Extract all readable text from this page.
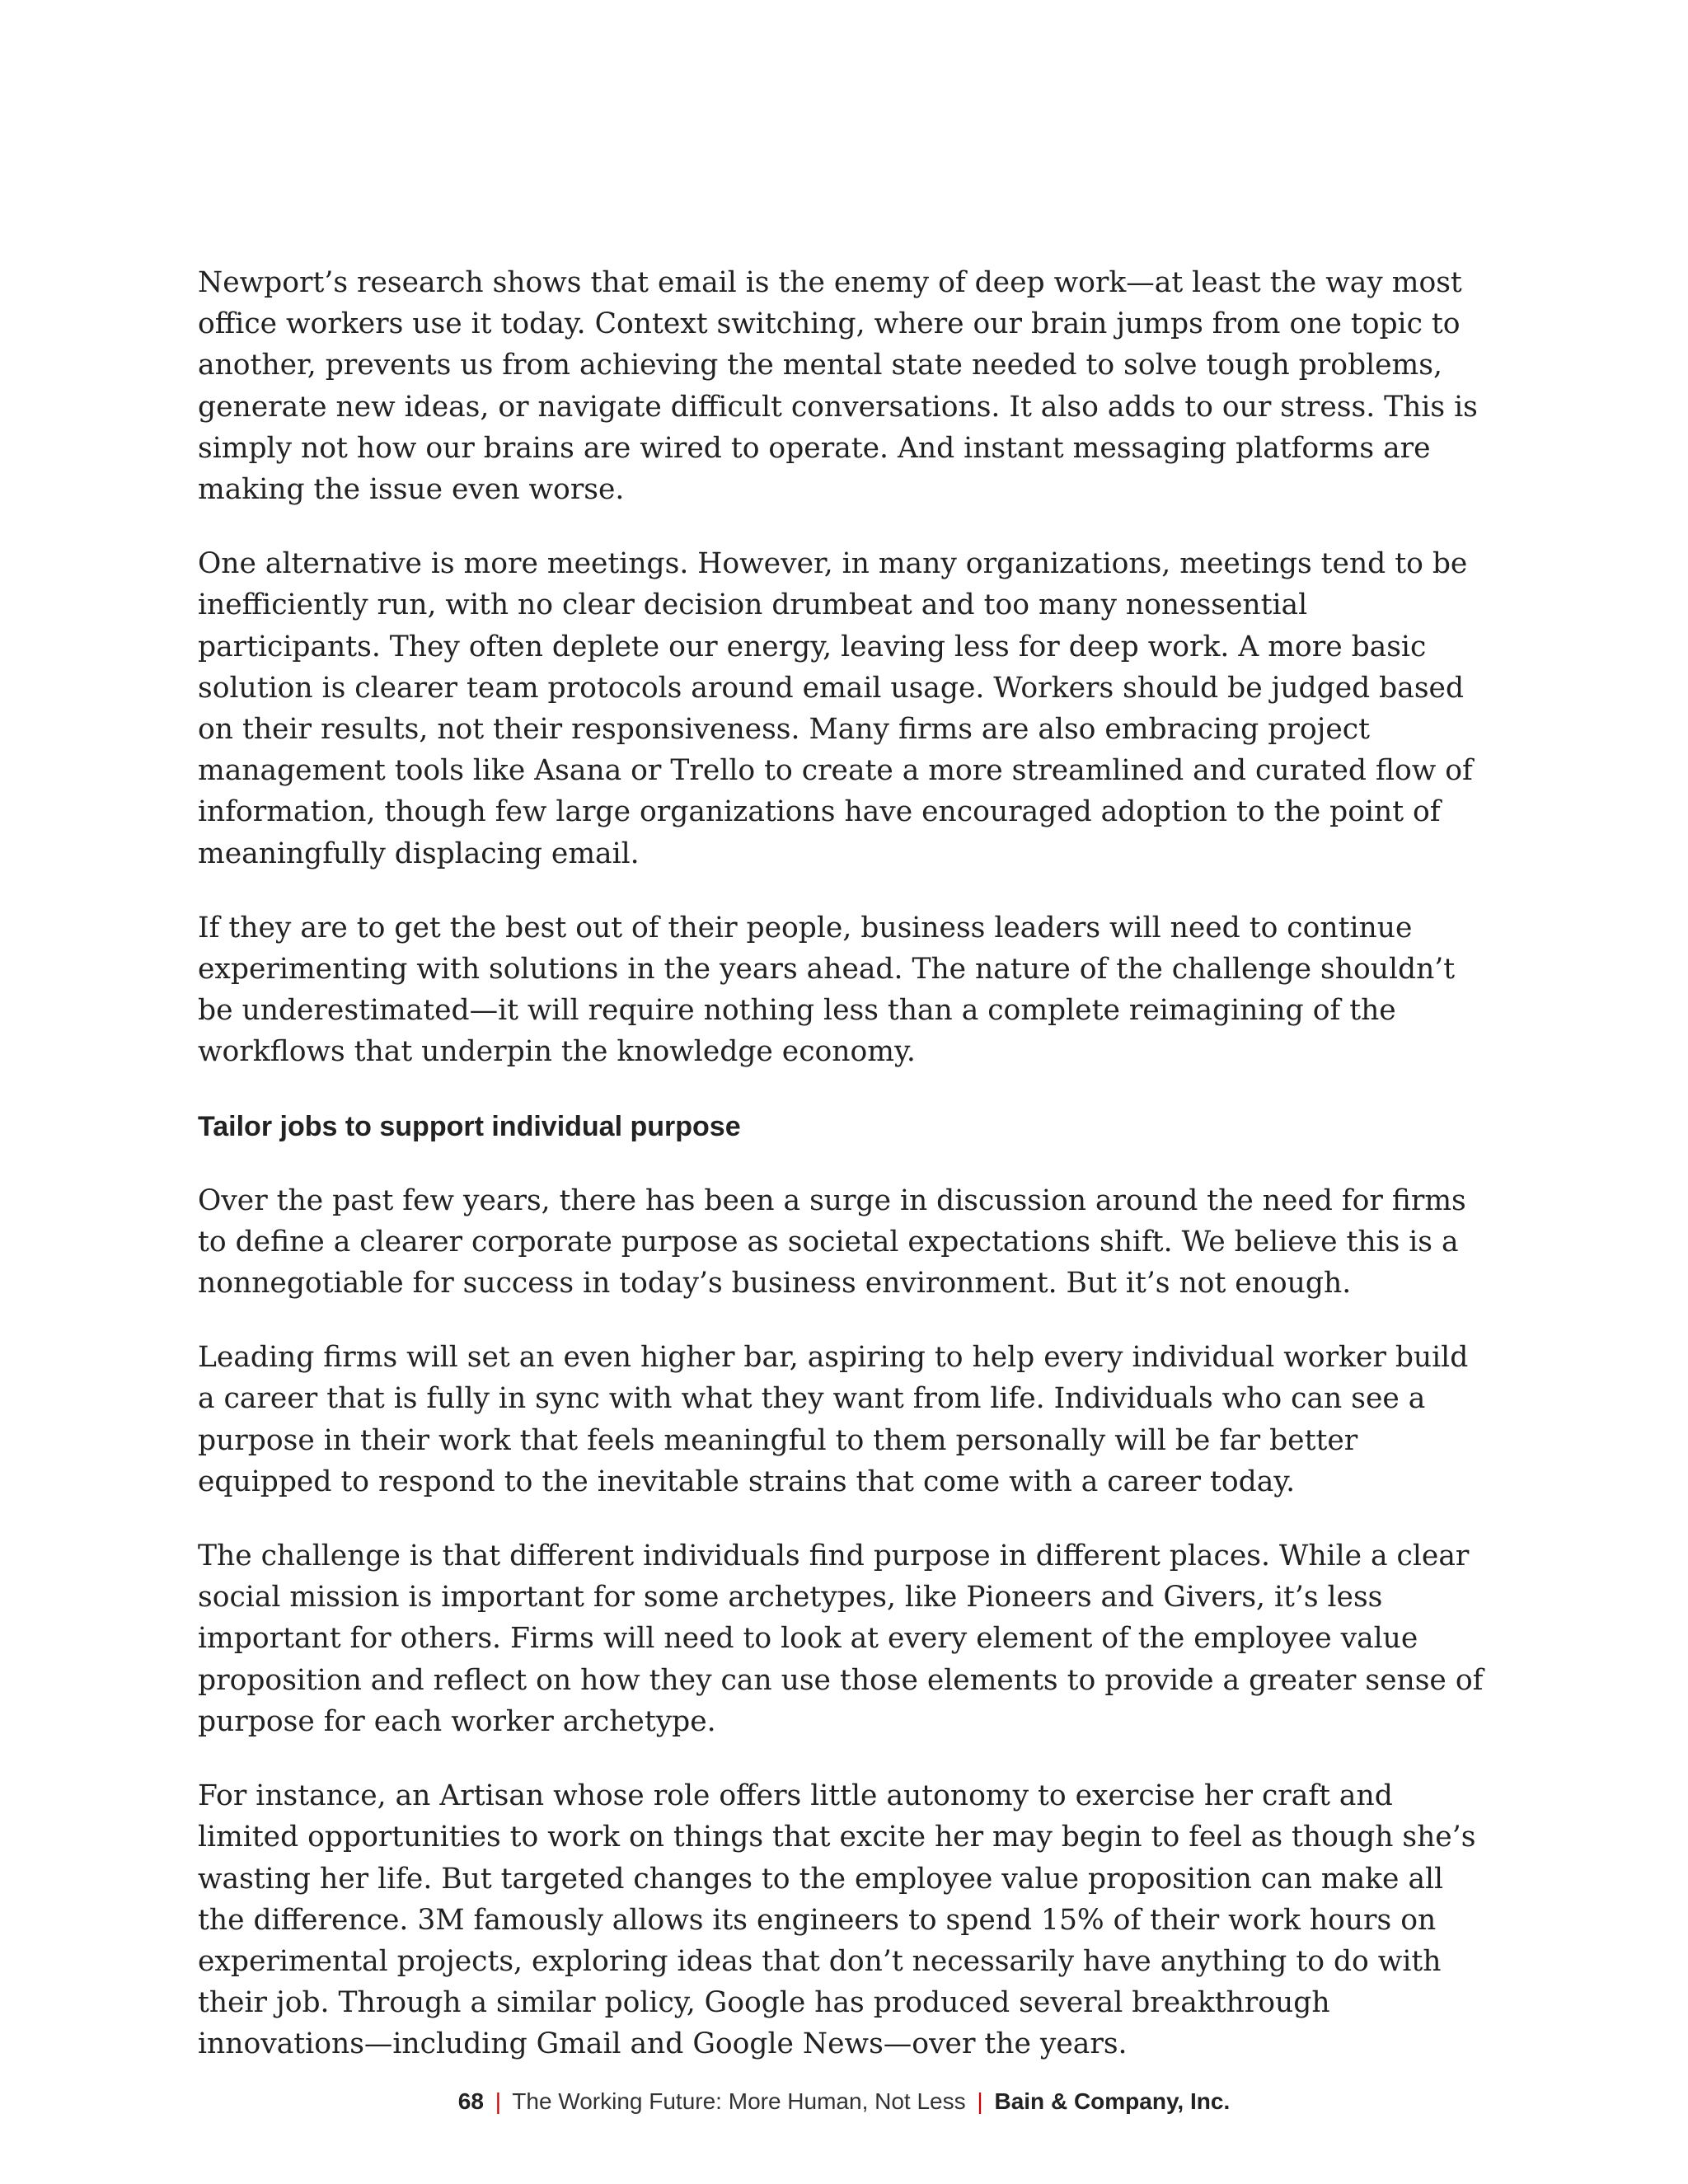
Newport’s research shows that email is the enemy of deep work—at least the way most office workers use it today. Context switching, where our brain jumps from one topic to another, prevents us from achieving the mental state needed to solve tough problems, generate new ideas, or navigate difficult conversations. It also adds to our stress. This is simply not how our brains are wired to operate. And instant messaging platforms are making the issue even worse.

One alternative is more meetings. However, in many organizations, meetings tend to be inefficiently run, with no clear decision drumbeat and too many nonessential participants. They often deplete our energy, leaving less for deep work. A more basic solution is clearer team protocols around email usage. Workers should be judged based on their results, not their responsiveness. Many firms are also embracing project management tools like Asana or Trello to create a more streamlined and curated flow of information, though few large organizations have encouraged adoption to the point of meaningfully displacing email.

If they are to get the best out of their people, business leaders will need to continue experimenting with solutions in the years ahead. The nature of the challenge shouldn’t be underestimated—it will require nothing less than a complete reimagining of the workflows that underpin the knowledge economy.

Tailor jobs to support individual purpose

Over the past few years, there has been a surge in discussion around the need for firms to define a clearer corporate purpose as societal expectations shift. We believe this is a nonnegotiable for success in today’s business environment. But it’s not enough.

Leading firms will set an even higher bar, aspiring to help every individual worker build a career that is fully in sync with what they want from life. Individuals who can see a purpose in their work that feels meaningful to them personally will be far better equipped to respond to the inevitable strains that come with a career today.

The challenge is that different individuals find purpose in different places. While a clear social mission is important for some archetypes, like Pioneers and Givers, it’s less important for others. Firms will need to look at every element of the employee value proposition and reflect on how they can use those elements to provide a greater sense of purpose for each worker archetype.

For instance, an Artisan whose role offers little autonomy to exercise her craft and limited opportunities to work on things that excite her may begin to feel as though she’s wasting her life. But targeted changes to the employee value proposition can make all the difference. 3M famously allows its engineers to spend 15% of their work hours on experimental projects, exploring ideas that don’t necessarily have anything to do with their job. Through a similar policy, Google has produced several breakthrough innovations—including Gmail and Google News—over the years.

68 | The Working Future: More Human, Not Less | Bain & Company, Inc.
